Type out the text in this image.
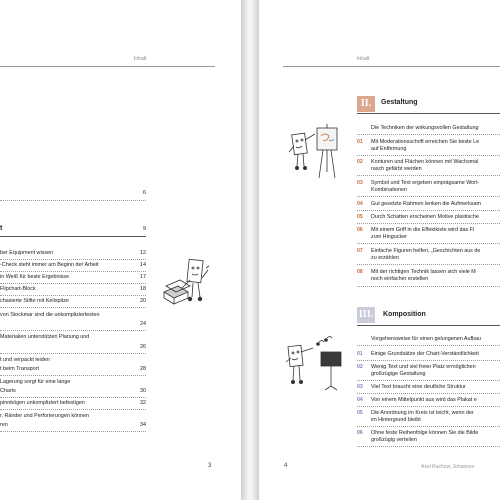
Inhalt
6
t	9
ber Equipment wissen	12
-Check steht immer am Beginn der Arbeit	14
in Weiß für beste Ergebnisse	17
Flipchart-Block	18
chasierte Stifte mit Keilspitze	20
von Stockmar sind die unkompliziertesten
24
Materialien unterstützen Planung und
26
t und verpackt leiden
t beim Transport	28
Lagerung sorgt für eine lange
Charts	30
pinnbögen unkompliziert befestigen	32
r, Ränder und Perforierungen können
ren	34
3
Inhalt
II.	Gestaltung
Die Techniken der wirkungsvollen Gestaltung
01 Mit Moderationsschrift erreichen Sie beste Le
auf Entfernung
02 Konturen und Flächen können mit Wachsmal
rasch gefärbt werden
03 Symbol und Text ergeben einprägsame Wort-
Kombinationen
04 Gut gesetzte Rahmen lenken die Aufmerksam
05 Durch Schatten erscheinen Motive plastische
06 Mit einem Griff in die Effektkiste wird das Fl
zum Hingucker
07 Einfache Figuren helfen, „Geschichten aus de
zu erzählen
08 Mit der richtigen Technik lassen sich viele M
noch einfacher erstellen
III. Komposition
Vorgehensweise für einen gelungenen Aufbau
01 Einige Grundsätze der Chart-Verständlichkeit
02 Wenig Text und viel freier Platz ermöglichen
großzügige Gestaltung
03 Viel Text braucht eine deutliche Struktur
04 Von einem Mittelpunkt aus wird das Plakat e
05 Die Anordnung im Kreis ist leicht, wenn der
im Hintergrund bleibt
06 Ohne feste Reihenfolge können Sie die Bilde
großzügig verteilen
4	Axel Rachow, Johannes
